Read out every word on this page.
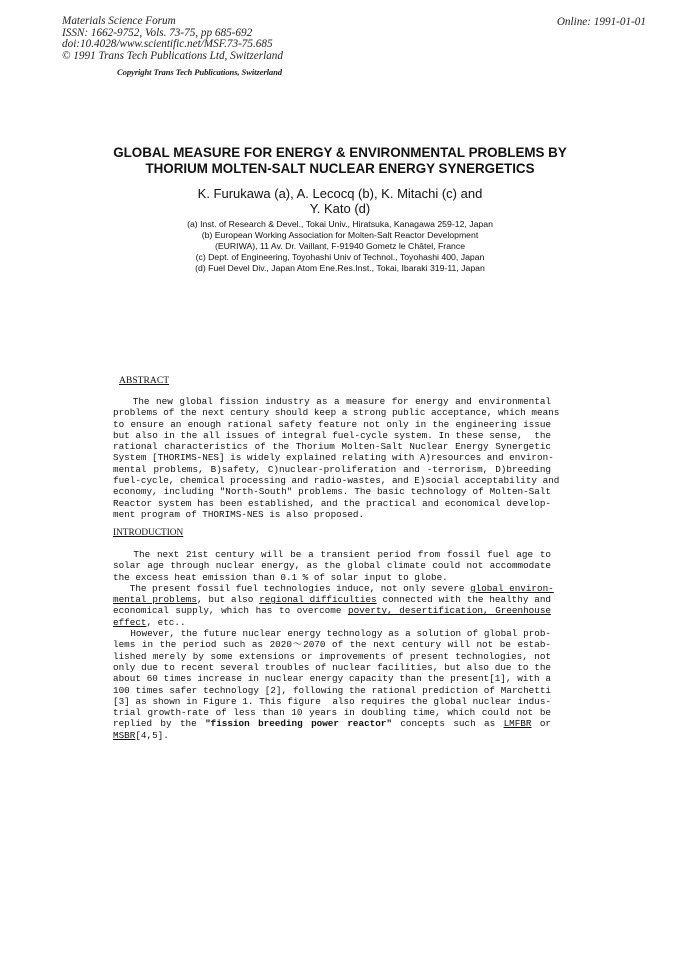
Materials Science Forum
ISSN: 1662-9752, Vols. 73-75, pp 685-692
doi:10.4028/www.scientific.net/MSF.73-75.685
© 1991 Trans Tech Publications Ltd, Switzerland
Online: 1991-01-01
Copyright Trans Tech Publications, Switzerland
GLOBAL MEASURE FOR ENERGY & ENVIRONMENTAL PROBLEMS BY
THORIUM MOLTEN-SALT NUCLEAR ENERGY SYNERGETICS
K. Furukawa (a), A. Lecocq (b), K. Mitachi (c) and
Y. Kato (d)
(a) Inst. of Research & Devel., Tokai Univ., Hiratsuka, Kanagawa 259-12, Japan
(b) European Working Association for Molten-Salt Reactor Development
(EURIWA), 11 Av. Dr. Vaillant, F-91940 Gometz le Châtel, France
(c) Dept. of Engineering, Toyohashi Univ of Technol., Toyohashi 400, Japan
(d) Fuel Devel Div., Japan Atom Ene.Res.Inst., Tokai, Ibaraki 319-11, Japan
ABSTRACT
The new global fission industry as a measure for energy and environmental
problems of the next century should keep a strong public acceptance, which means
to ensure an enough rational safety feature not only in the engineering issue
but also in the all issues of integral fuel-cycle system. In these sense,  the
rational characteristics of the Thorium Molten-Salt Nuclear Energy Synergetic
System [THORIMS-NES] is widely explained relating with A)resources and environ-
mental problems, B)safety, C)nuclear-proliferation and -terrorism, D)breeding
fuel-cycle, chemical processing and radio-wastes, and E)social acceptability and
economy, including "North-South" problems. The basic technology of Molten-Salt
Reactor system has been established, and the practical and economical develop-
ment program of THORIMS-NES is also proposed.
INTRODUCTION
The next 21st century will be a transient period from fossil fuel age to
solar age through nuclear energy, as the global climate could not accommodate
the excess heat emission than 0.1 % of solar input to globe.
The present fossil fuel technologies induce, not only severe global environ-
mental problems, but also regional difficulties connected with the healthy and
economical supply, which has to overcome poverty, desertification, Greenhouse
effect, etc..
However, the future nuclear energy technology as a solution of global prob-
lems in the period such as 2020～2070 of the next century will not be estab-
lished merely by some extensions or improvements of present technologies, not
only due to recent several troubles of nuclear facilities, but also due to the
about 60 times increase in nuclear energy capacity than the present[1], with a
100 times safer technology [2], following the rational prediction of Marchetti
[3] as shown in Figure 1. This figure  also requires the global nuclear indus-
trial growth-rate of less than 10 years in doubling time, which could not be
replied by the "fission breeding power reactor" concepts such as LMFBR or
MSBR[4,5].
